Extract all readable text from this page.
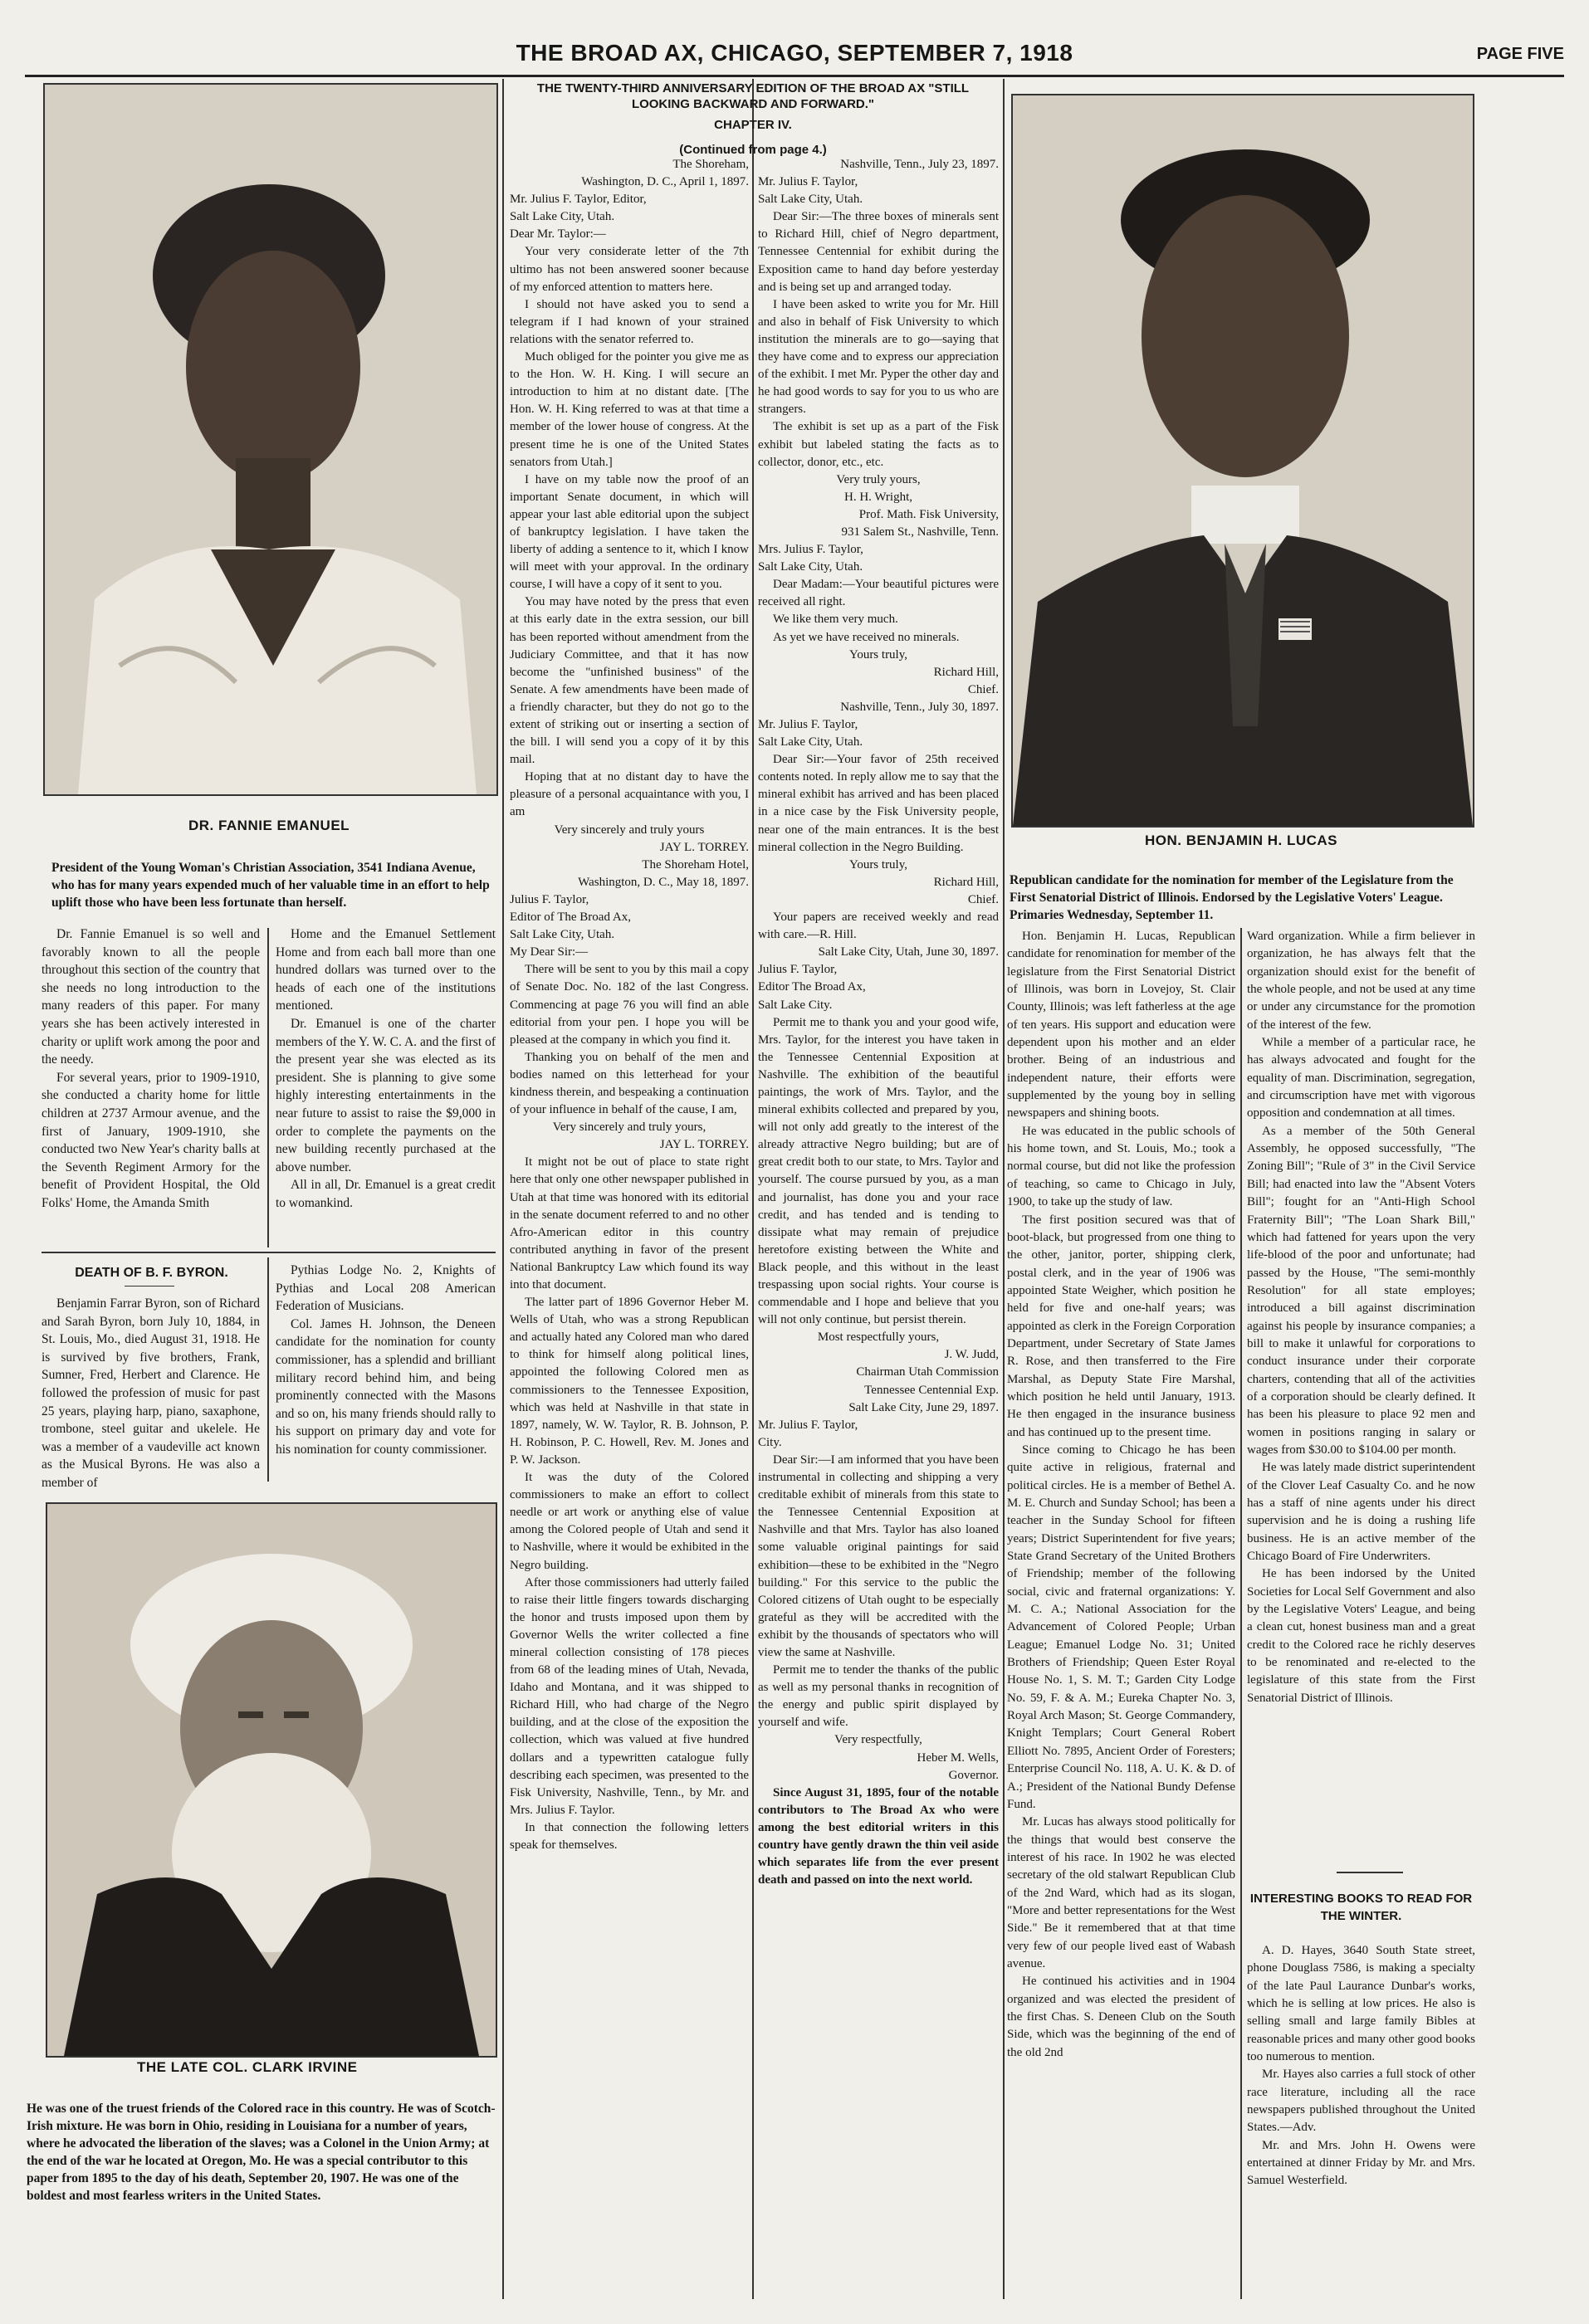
THE BROAD AX, CHICAGO, SEPTEMBER 7, 1918	PAGE FIVE
DR. FANNIE EMANUEL
President of the Young Woman's Christian Association, 3541 Indiana Avenue, who has for many years expended much of her valuable time in an effort to help uplift those who have been less fortunate than herself.

Dr. Fannie Emanuel is so well and favorably known to all the people throughout this section of the country that she needs no long introduction to the many readers of this paper. For many years she has been actively interested in charity or uplift work among the poor and the needy.

For several years, prior to 1909-1910, she conducted a charity home for little children at 2737 Armour avenue, and the first of January, 1909-1910, she conducted two New Year's charity balls at the Seventh Regiment Armory for the benefit of Provident Hospital, the Old Folks' Home, the Amanda Smith

Home and the Emanuel Settlement Home and from each ball more than one hundred dollars was turned over to the heads of each one of the institutions mentioned.

Dr. Emanuel is one of the charter members of the Y. W. C. A. and the first of the present year she was elected as its president. She is planning to give some highly interesting entertainments in the near future to assist to raise the $9,000 in order to complete the payments on the new building recently purchased at the above number.

All in all, Dr. Emanuel is a great credit to womankind.

DEATH OF B. F. BYRON.

Benjamin Farrar Byron, son of Richard and Sarah Byron, born July 10, 1884, in St. Louis, Mo., died August 31, 1918. He is survived by five brothers, Frank, Sumner, Fred, Herbert and Clarence. He followed the profession of music for past 25 years, playing harp, piano, saxaphone, trombone, steel guitar and ukelele. He was a member of a vaudeville act known as the Musical Byrons. He was also a member of

Pythias Lodge No. 2, Knights of Pythias and Local 208 American Federation of Musicians.

Col. James H. Johnson, the Deneen candidate for the nomination for county commissioner, has a splendid and brilliant military record behind him, and being prominently connected with the Masons and so on, his many friends should rally to his support on primary day and vote for his nomination for county commissioner.

THE LATE COL. CLARK IRVINE
He was one of the truest friends of the Colored race in this country. He was of Scotch-Irish mixture. He was born in Ohio, residing in Louisiana for a number of years, where he advocated the liberation of the slaves; was a Colonel in the Union Army; at the end of the war he located at Oregon, Mo. He was a special contributor to this paper from 1895 to the day of his death, September 20, 1907. He was one of the boldest and most fearless writers in the United States.
THE TWENTY-THIRD ANNIVERSARY EDITION OF THE BROAD AX "STILL LOOKING BACKWARD AND FORWARD."
CHAPTER IV.
(Continued from page 4.)

The Shoreham,

Washington, D. C., April 1, 1897.

Mr. Julius F. Taylor, Editor,

Salt Lake City, Utah.

Dear Mr. Taylor:—

Your very considerate letter of the 7th ultimo has not been answered sooner because of my enforced attention to matters here.

I should not have asked you to send a telegram if I had known of your strained relations with the senator referred to.

Much obliged for the pointer you give me as to the Hon. W. H. King. I will secure an introduction to him at no distant date. [The Hon. W. H. King referred to was at that time a member of the lower house of congress. At the present time he is one of the United States senators from Utah.]

I have on my table now the proof of an important Senate document, in which will appear your last able editorial upon the subject of bankruptcy legislation. I have taken the liberty of adding a sentence to it, which I know will meet with your approval. In the ordinary course, I will have a copy of it sent to you.

You may have noted by the press that even at this early date in the extra session, our bill has been reported without amendment from the Judiciary Committee, and that it has now become the "unfinished business" of the Senate. A few amendments have been made of a friendly character, but they do not go to the extent of striking out or inserting a section of the bill. I will send you a copy of it by this mail.

Hoping that at no distant day to have the pleasure of a personal acquaintance with you, I am

Very sincerely and truly yours

JAY L. TORREY.

The Shoreham Hotel,

Washington, D. C., May 18, 1897.

Julius F. Taylor,

Editor of The Broad Ax,

Salt Lake City, Utah.

My Dear Sir:—

There will be sent to you by this mail a copy of Senate Doc. No. 182 of the last Congress. Commencing at page 76 you will find an able editorial from your pen. I hope you will be pleased at the company in which you find it.

Thanking you on behalf of the men and bodies named on this letterhead for your kindness therein, and bespeaking a continuation of your influence in behalf of the cause, I am,

Very sincerely and truly yours,

JAY L. TORREY.

It might not be out of place to state right here that only one other newspaper published in Utah at that time was honored with its editorial in the senate document referred to and no other Afro-American editor in this country contributed anything in favor of the present National Bankruptcy Law which found its way into that document.

The latter part of 1896 Governor Heber M. Wells of Utah, who was a strong Republican and actually hated any Colored man who dared to think for himself along political lines, appointed the following Colored men as commissioners to the Tennessee Exposition, which was held at Nashville in that state in 1897, namely, W. W. Taylor, R. B. Johnson, P. H. Robinson, P. C. Howell, Rev. M. Jones and P. W. Jackson.

It was the duty of the Colored commissioners to make an effort to collect needle or art work or anything else of value among the Colored people of Utah and send it to Nashville, where it would be exhibited in the Negro building.

After those commissioners had utterly failed to raise their little fingers towards discharging the honor and trusts imposed upon them by Governor Wells the writer collected a fine mineral collection consisting of 178 pieces from 68 of the leading mines of Utah, Nevada, Idaho and Montana, and it was shipped to Richard Hill, who had charge of the Negro building, and at the close of the exposition the collection, which was valued at five hundred dollars and a typewritten catalogue fully describing each specimen, was presented to the Fisk University, Nashville, Tenn., by Mr. and Mrs. Julius F. Taylor.

In that connection the following letters speak for themselves.

Nashville, Tenn., July 23, 1897.

Mr. Julius F. Taylor,

Salt Lake City, Utah.

Dear Sir:—The three boxes of minerals sent to Richard Hill, chief of Negro department, Tennessee Centennial for exhibit during the Exposition came to hand day before yesterday and is being set up and arranged today.

I have been asked to write you for Mr. Hill and also in behalf of Fisk University to which institution the minerals are to go—saying that they have come and to express our appreciation of the exhibit. I met Mr. Pyper the other day and he had good words to say for you to us who are strangers.

The exhibit is set up as a part of the Fisk exhibit but labeled stating the facts as to collector, donor, etc., etc.

Very truly yours,

H. H. Wright,

Prof. Math. Fisk University,

931 Salem St., Nashville, Tenn.

Mrs. Julius F. Taylor,

Salt Lake City, Utah.

Dear Madam:—Your beautiful pictures were received all right.

We like them very much.

As yet we have received no minerals.

Yours truly,

Richard Hill,

Chief.

Nashville, Tenn., July 30, 1897.

Mr. Julius F. Taylor,

Salt Lake City, Utah.

Dear Sir:—Your favor of 25th received contents noted. In reply allow me to say that the mineral exhibit has arrived and has been placed in a nice case by the Fisk University people, near one of the main entrances. It is the best mineral collection in the Negro Building.

Yours truly,

Richard Hill,

Chief.

Your papers are received weekly and read with care.—R. Hill.

Salt Lake City, Utah, June 30, 1897.

Julius F. Taylor,

Editor The Broad Ax,

Salt Lake City.

Permit me to thank you and your good wife, Mrs. Taylor, for the interest you have taken in the Tennessee Centennial Exposition at Nashville. The exhibition of the beautiful paintings, the work of Mrs. Taylor, and the mineral exhibits collected and prepared by you, will not only add greatly to the interest of the already attractive Negro building; but are of great credit both to our state, to Mrs. Taylor and yourself. The course pursued by you, as a man and journalist, has done you and your race credit, and has tended and is tending to dissipate what may remain of prejudice heretofore existing between the White and Black people, and this without in the least trespassing upon social rights. Your course is commendable and I hope and believe that you will not only continue, but persist therein.

Most respectfully yours,

J. W. Judd,

Chairman Utah Commission

Tennessee Centennial Exp.

Salt Lake City, June 29, 1897.

Mr. Julius F. Taylor,

City.

Dear Sir:—I am informed that you have been instrumental in collecting and shipping a very creditable exhibit of minerals from this state to the Tennessee Centennial Exposition at Nashville and that Mrs. Taylor has also loaned some valuable original paintings for said exhibition—these to be exhibited in the "Negro building." For this service to the public the Colored citizens of Utah ought to be especially grateful as they will be accredited with the exhibit by the thousands of spectators who will view the same at Nashville.

Permit me to tender the thanks of the public as well as my personal thanks in recognition of the energy and public spirit displayed by yourself and wife.

Very respectfully,

Heber M. Wells,

Governor.

Since August 31, 1895, four of the notable contributors to The Broad Ax who were among the best editorial writers in this country have gently drawn the thin veil aside which separates life from the ever present death and passed on into the next world.

HON. BENJAMIN H. LUCAS
Republican candidate for the nomination for member of the Legislature from the First Senatorial District of Illinois. Endorsed by the Legislative Voters' League. Primaries Wednesday, September 11.

Hon. Benjamin H. Lucas, Republican candidate for renomination for member of the legislature from the First Senatorial District of Illinois, was born in Lovejoy, St. Clair County, Illinois; was left fatherless at the age of ten years. His support and education were dependent upon his mother and an elder brother. Being of an industrious and independent nature, their efforts were supplemented by the young boy in selling newspapers and shining boots.

He was educated in the public schools of his home town, and St. Louis, Mo.; took a normal course, but did not like the profession of teaching, so came to Chicago in July, 1900, to take up the study of law.

The first position secured was that of boot-black, but progressed from one thing to the other, janitor, porter, shipping clerk, postal clerk, and in the year of 1906 was appointed State Weigher, which position he held for five and one-half years; was appointed as clerk in the Foreign Corporation Department, under Secretary of State James R. Rose, and then transferred to the Fire Marshal, as Deputy State Fire Marshal, which position he held until January, 1913. He then engaged in the insurance business and has continued up to the present time.

Since coming to Chicago he has been quite active in religious, fraternal and political circles. He is a member of Bethel A. M. E. Church and Sunday School; has been a teacher in the Sunday School for fifteen years; District Superintendent for five years; State Grand Secretary of the United Brothers of Friendship; member of the following social, civic and fraternal organizations: Y. M. C. A.; National Association for the Advancement of Colored People; Urban League; Emanuel Lodge No. 31; United Brothers of Friendship; Queen Ester Royal House No. 1, S. M. T.; Garden City Lodge No. 59, F. & A. M.; Eureka Chapter No. 3, Royal Arch Mason; St. George Commandery, Knight Templars; Court General Robert Elliott No. 7895, Ancient Order of Foresters; Enterprise Council No. 118, A. U. K. & D. of A.; President of the National Bundy Defense Fund.

Mr. Lucas has always stood politically for the things that would best conserve the interest of his race. In 1902 he was elected secretary of the old stalwart Republican Club of the 2nd Ward, which had as its slogan, "More and better representations for the West Side." Be it remembered that at that time very few of our people lived east of Wabash avenue.

He continued his activities and in 1904 organized and was elected the president of the first Chas. S. Deneen Club on the South Side, which was the beginning of the end of the old 2nd

Ward organization. While a firm believer in organization, he has always felt that the organization should exist for the benefit of the whole people, and not be used at any time or under any circumstance for the promotion of the interest of the few.

While a member of a particular race, he has always advocated and fought for the equality of man. Discrimination, segregation, and circumscription have met with vigorous opposition and condemnation at all times.

As a member of the 50th General Assembly, he opposed successfully, "The Zoning Bill"; "Rule of 3" in the Civil Service Bill; had enacted into law the "Absent Voters Bill"; fought for an "Anti-High School Fraternity Bill"; "The Loan Shark Bill," which had fattened for years upon the very life-blood of the poor and unfortunate; had passed by the House, "The semi-monthly Resolution" for all state employes; introduced a bill against discrimination against his people by insurance companies; a bill to make it unlawful for corporations to conduct insurance under their corporate charters, contending that all of the activities of a corporation should be clearly defined. It has been his pleasure to place 92 men and women in positions ranging in salary or wages from $30.00 to $104.00 per month.

He was lately made district superintendent of the Clover Leaf Casualty Co. and he now has a staff of nine agents under his direct supervision and he is doing a rushing life business. He is an active member of the Chicago Board of Fire Underwriters.

He has been indorsed by the United Societies for Local Self Government and also by the Legislative Voters' League, and being a clean cut, honest business man and a great credit to the Colored race he richly deserves to be renominated and re-elected to the legislature of this state from the First Senatorial District of Illinois.

INTERESTING BOOKS TO READ FOR THE WINTER.

A. D. Hayes, 3640 South State street, phone Douglass 7586, is making a specialty of the late Paul Laurance Dunbar's works, which he is selling at low prices. He also is selling small and large family Bibles at reasonable prices and many other good books too numerous to mention.

Mr. Hayes also carries a full stock of other race literature, including all the race newspapers published throughout the United States.—Adv.

Mr. and Mrs. John H. Owens were entertained at dinner Friday by Mr. and Mrs. Samuel Westerfield.
